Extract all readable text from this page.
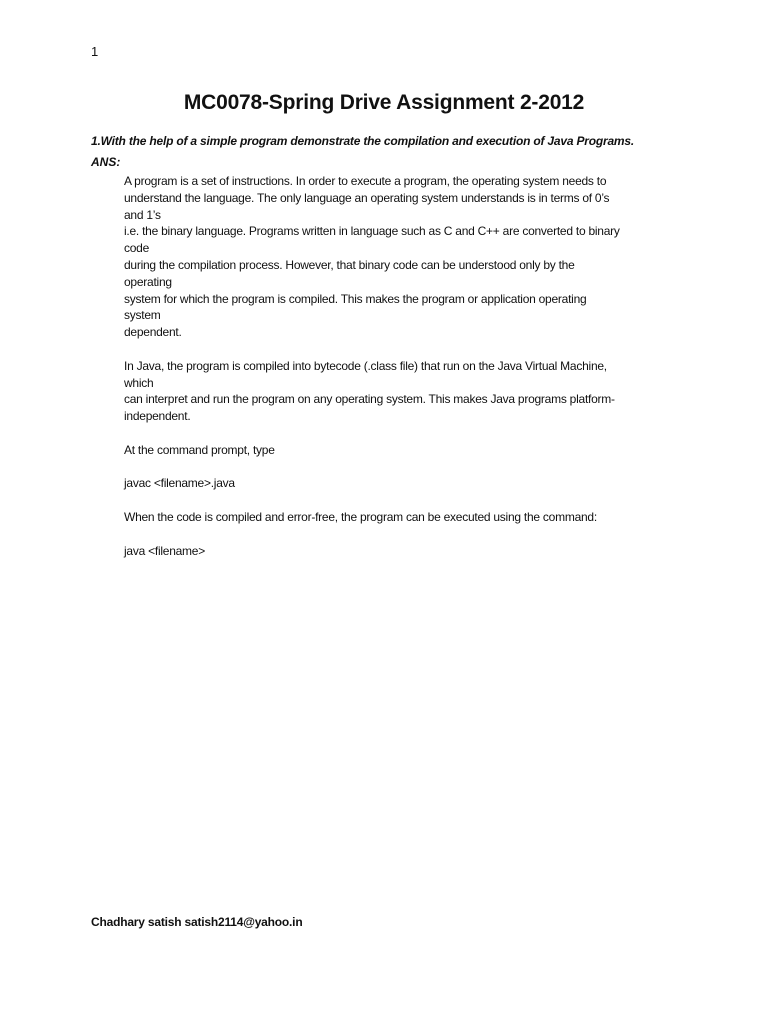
1
MC0078-Spring Drive Assignment 2-2012
1.With the help of a simple program demonstrate the compilation and execution of Java Programs.
ANS:
A program is a set of instructions. In order to execute a program, the operating system needs to
understand the language. The only language an operating system understands is in terms of 0’s
and 1’s
i.e. the binary language. Programs written in language such as C and C++ are converted to binary
code
during the compilation process. However, that binary code can be understood only by the
operating
system for which the program is compiled. This makes the program or application operating
system
dependent.
In Java, the program is compiled into bytecode (.class file) that run on the Java Virtual Machine,
which
can interpret and run the program on any operating system. This makes Java programs platform-
independent.
At the command prompt, type
javac <filename>.java
When the code is compiled and error-free, the program can be executed using the command:
java <filename>
Chadhary satish satish2114@yahoo.in
